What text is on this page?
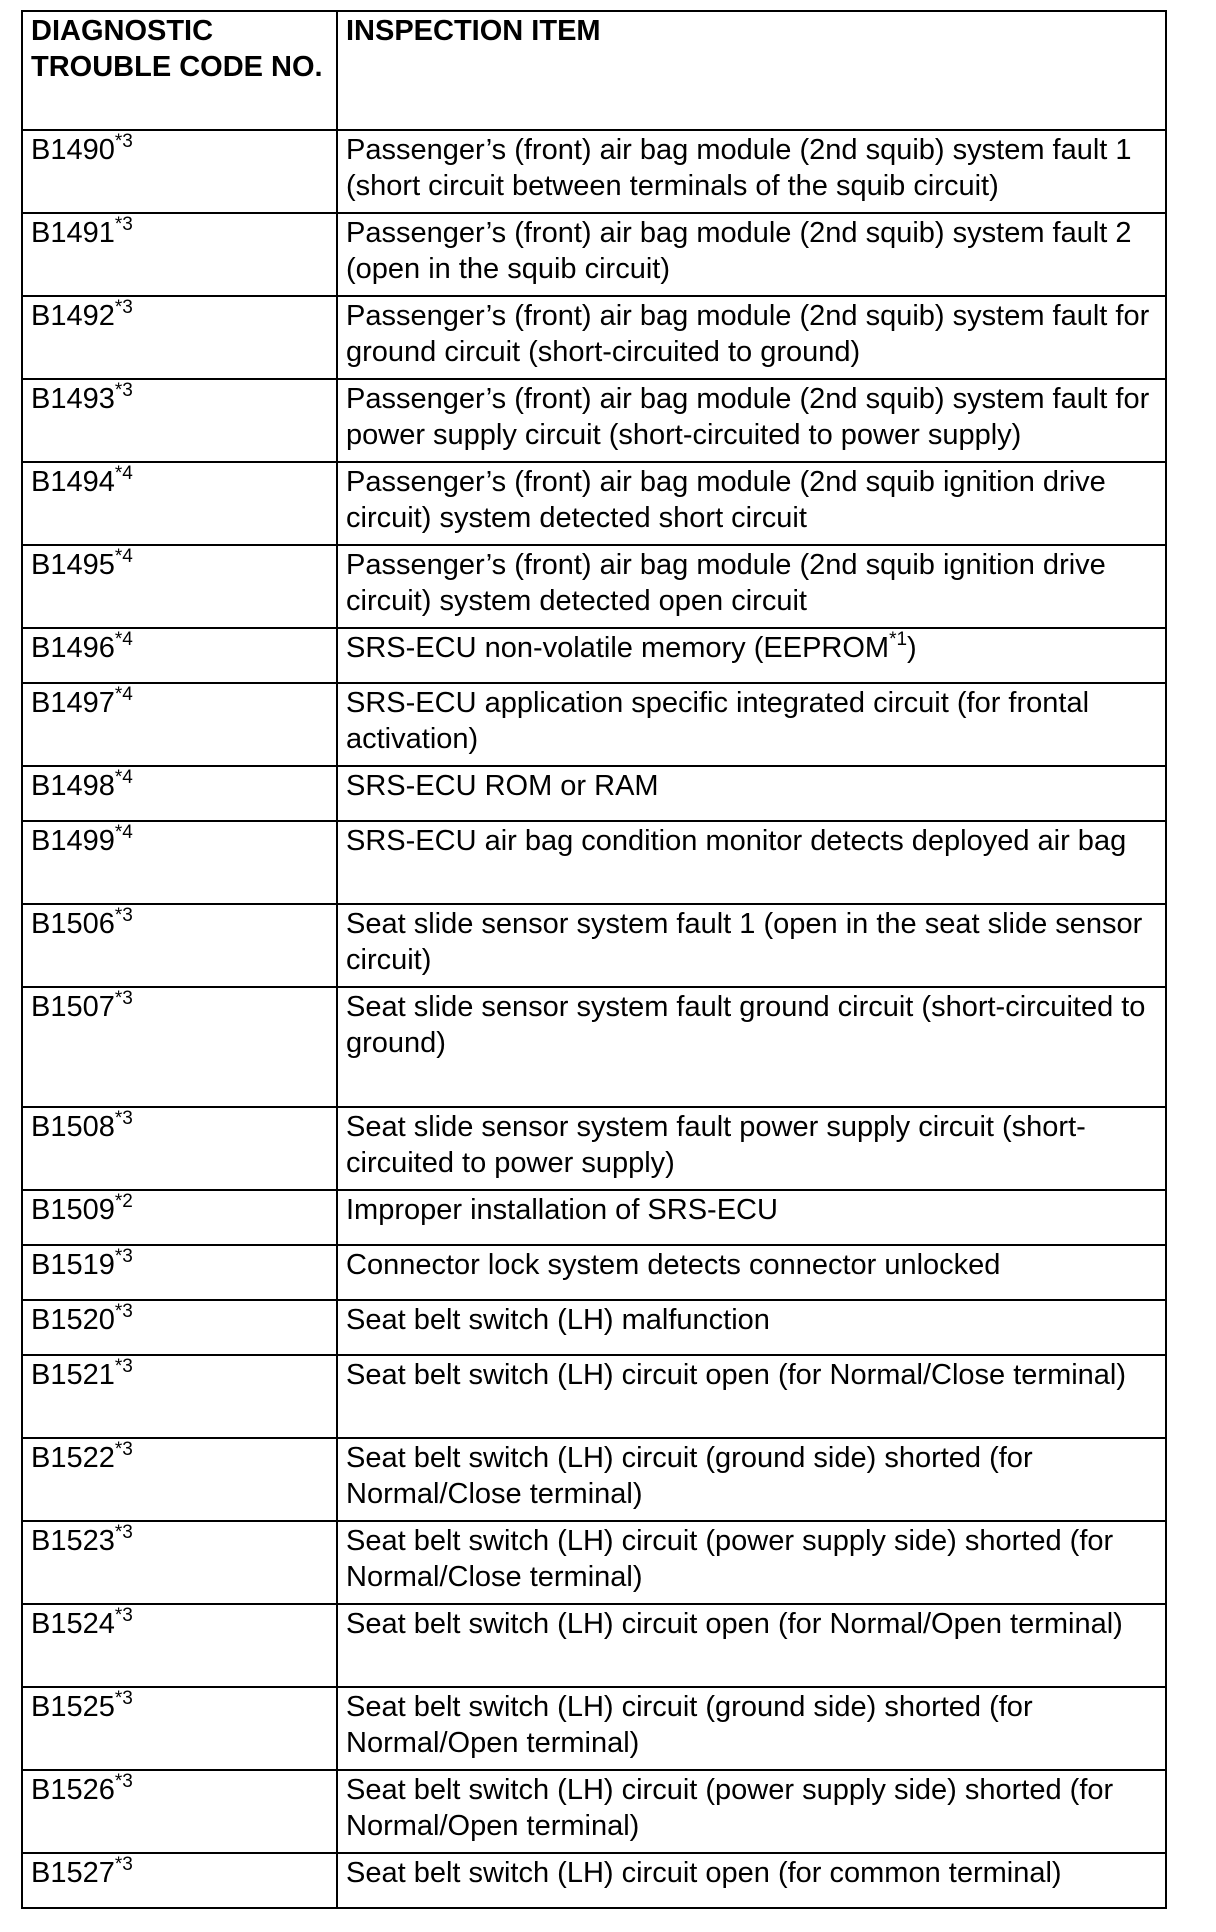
DIAGNOSTIC TROUBLE CODE NO.	INSPECTION ITEM
B1490$^{*3}$	Passenger’s (front) air bag module (2nd squib) system fault 1 (short circuit between terminals of the squib circuit)
B1491$^{*3}$	Passenger’s (front) air bag module (2nd squib) system fault 2 (open in the squib circuit)
B1492$^{*3}$	Passenger’s (front) air bag module (2nd squib) system fault for ground circuit (short-circuited to ground)
B1493$^{*3}$	Passenger’s (front) air bag module (2nd squib) system fault for power supply circuit (short-circuited to power supply)
B1494$^{*4}$	Passenger’s (front) air bag module (2nd squib ignition drive circuit) system detected short circuit
B1495$^{*4}$	Passenger’s (front) air bag module (2nd squib ignition drive circuit) system detected open circuit
B1496$^{*4}$	SRS-ECU non-volatile memory (EEPROM$^{*1}$)
B1497$^{*4}$	SRS-ECU application specific integrated circuit (for frontal activation)
B1498$^{*4}$	SRS-ECU ROM or RAM
B1499$^{*4}$	SRS-ECU air bag condition monitor detects deployed air bag
B1506$^{*3}$	Seat slide sensor system fault 1 (open in the seat slide sensor circuit)
B1507$^{*3}$	Seat slide sensor system fault ground circuit (short-circuited to ground)
B1508$^{*3}$	Seat slide sensor system fault power supply circuit (short-circuited to power supply)
B1509$^{*2}$	Improper installation of SRS-ECU
B1519$^{*3}$	Connector lock system detects connector unlocked
B1520$^{*3}$	Seat belt switch (LH) malfunction
B1521$^{*3}$	Seat belt switch (LH) circuit open (for Normal/Close terminal)
B1522$^{*3}$	Seat belt switch (LH) circuit (ground side) shorted (for Normal/Close terminal)
B1523$^{*3}$	Seat belt switch (LH) circuit (power supply side) shorted (for Normal/Close terminal)
B1524$^{*3}$	Seat belt switch (LH) circuit open (for Normal/Open terminal)
B1525$^{*3}$	Seat belt switch (LH) circuit (ground side) shorted (for Normal/Open terminal)
B1526$^{*3}$	Seat belt switch (LH) circuit (power supply side) shorted (for Normal/Open terminal)
B1527$^{*3}$	Seat belt switch (LH) circuit open (for common terminal)
